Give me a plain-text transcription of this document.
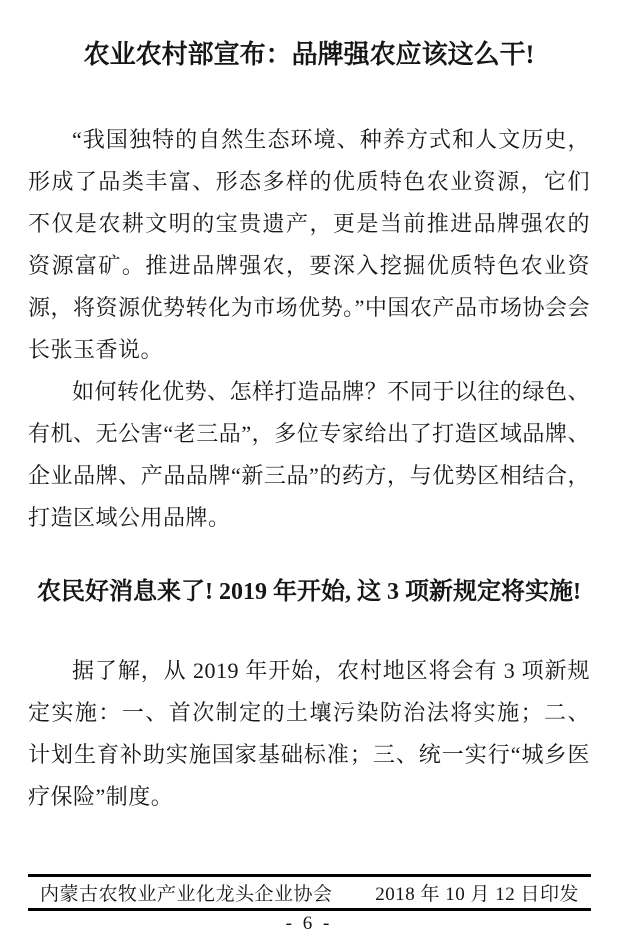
农业农村部宣布：品牌强农应该这么干!

“我国独特的自然生态环境、种养方式和人文历史，形成了品类丰富、形态多样的优质特色农业资源，它们不仅是农耕文明的宝贵遗产，更是当前推进品牌强农的资源富矿。推进品牌强农，要深入挖掘优质特色农业资源，将资源优势转化为市场优势。”中国农产品市场协会会长张玉香说。

如何转化优势、怎样打造品牌？不同于以往的绿色、有机、无公害“老三品”，多位专家给出了打造区域品牌、企业品牌、产品品牌“新三品”的药方，与优势区相结合，打造区域公用品牌。

农民好消息来了! 2019 年开始, 这 3 项新规定将实施!

据了解，从 2019 年开始，农村地区将会有 3 项新规定实施：一、首次制定的土壤污染防治法将实施；二、计划生育补助实施国家基础标准；三、统一实行“城乡医疗保险”制度。

内蒙古农牧业产业化龙头企业协会 2018 年 10 月 12 日印发
- 6 -
